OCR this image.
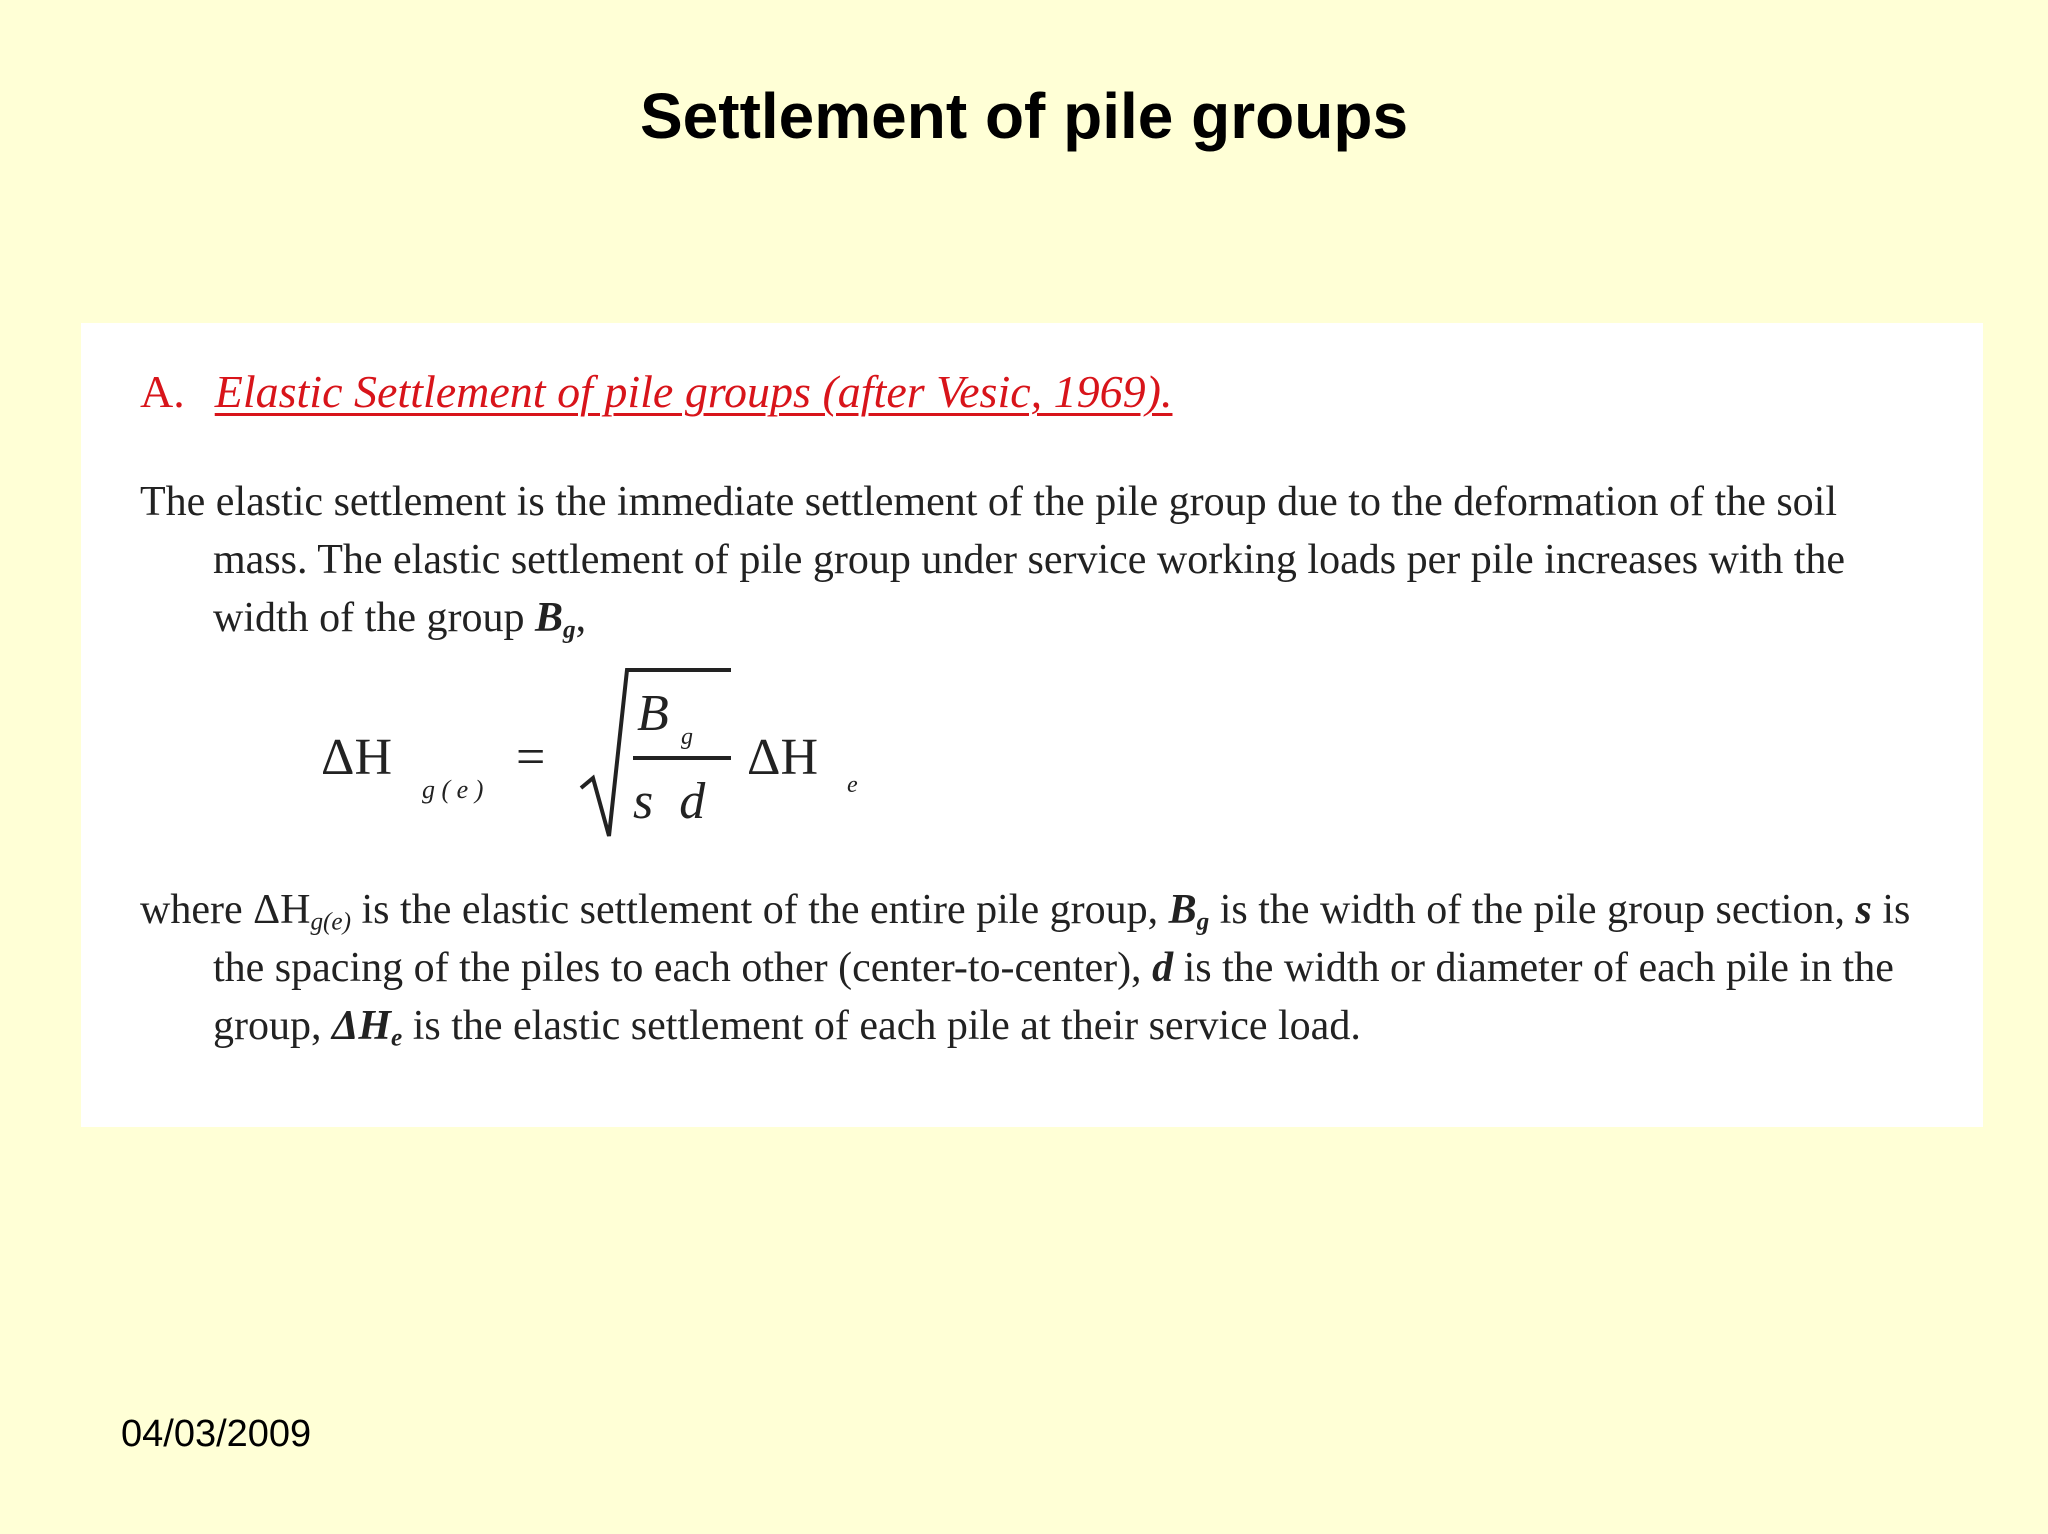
Settlement of pile groups
A. Elastic Settlement of pile groups (after Vesic, 1969).

The elastic settlement is the immediate settlement of the pile group due to the deformation of the soil mass. The elastic settlement of pile group under service working loads per pile increases with the width of the group $B_g$,

ΔH
g ( e )
=
B g
s  d
ΔH e

where $\Delta H_{g(e)}$ is the elastic settlement of the entire pile group, $B_g$ is the width of the pile group section, s is the spacing of the piles to each other (center-to-center), d is the width or diameter of each pile in the group, $\Delta H_e$ is the elastic settlement of each pile at their service load.

04/03/2009
